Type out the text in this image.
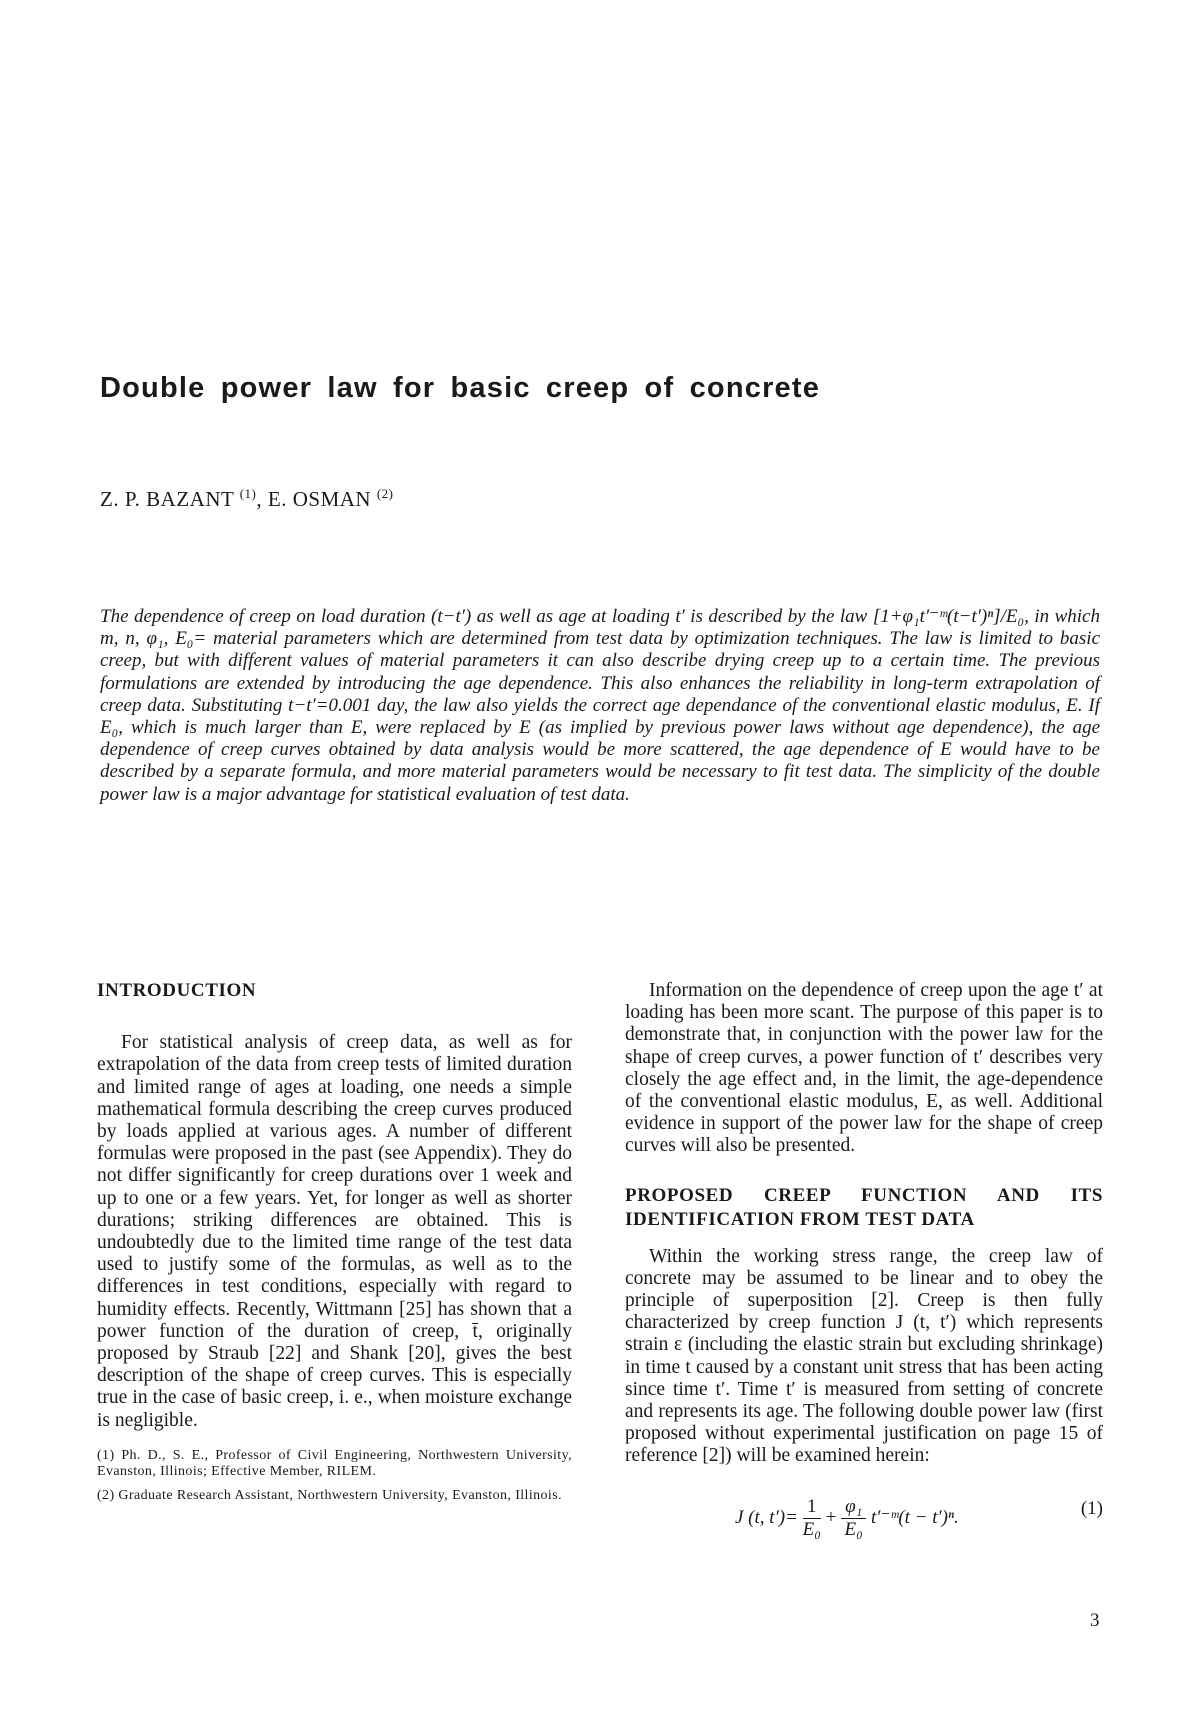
Double power law for basic creep of concrete
Z. P. BAZANT $^{(1)}$, E. OSMAN $^{(2)}$

The dependence of creep on load duration (t−t′) as well as age at loading t′ is described by the law [1+φ₁t′⁻ᵐ(t−t′)ⁿ]/E₀, in which m, n, φ₁, E₀= material parameters which are determined from test data by optimization techniques. The law is limited to basic creep, but with different values of material parameters it can also describe drying creep up to a certain time. The previous formulations are extended by introducing the age dependence. This also enhances the reliability in long-term extrapolation of creep data. Substituting t−t′=0.001 day, the law also yields the correct age dependance of the conventional elastic modulus, E. If E₀, which is much larger than E, were replaced by E (as implied by previous power laws without age dependence), the age dependence of creep curves obtained by data analysis would be more scattered, the age dependence of E would have to be described by a separate formula, and more material parameters would be necessary to fit test data. The simplicity of the double power law is a major advantage for statistical evaluation of test data.

INTRODUCTION

For statistical analysis of creep data, as well as for extrapolation of the data from creep tests of limited duration and limited range of ages at loading, one needs a simple mathematical formula describing the creep curves produced by loads applied at various ages. A number of different formulas were proposed in the past (see Appendix). They do not differ significantly for creep durations over 1 week and up to one or a few years. Yet, for longer as well as shorter durations; striking differences are obtained. This is undoubtedly due to the limited time range of the test data used to justify some of the formulas, as well as to the differences in test conditions, especially with regard to humidity effects. Recently, Wittmann [25] has shown that a power function of the duration of creep, t̄, originally proposed by Straub [22] and Shank [20], gives the best description of the shape of creep curves. This is especially true in the case of basic creep, i. e., when moisture exchange is negligible.

(1) Ph. D., S. E., Professor of Civil Engineering, Northwestern University, Evanston, Illinois; Effective Member, RILEM.

(2) Graduate Research Assistant, Northwestern University, Evanston, Illinois.

Information on the dependence of creep upon the age t′ at loading has been more scant. The purpose of this paper is to demonstrate that, in conjunction with the power law for the shape of creep curves, a power function of t′ describes very closely the age effect and, in the limit, the age-dependence of the conventional elastic modulus, E, as well. Additional evidence in support of the power law for the shape of creep curves will also be presented.

PROPOSED CREEP FUNCTION AND ITS IDENTIFICATION FROM TEST DATA

Within the working stress range, the creep law of concrete may be assumed to be linear and to obey the principle of superposition [2]. Creep is then fully characterized by creep function J (t, t′) which represents strain ε (including the elastic strain but excluding shrinkage) in time t caused by a constant unit stress that has been acting since time t′. Time t′ is measured from setting of concrete and represents its age. The following double power law (first proposed without experimental justification on page 15 of reference [2]) will be examined herein:

J (t, $t')= \frac{1}{\text{E₀}} + \frac{\text{φ₁}}{\text{E₀}}$ t′⁻ᵐ(t − t′)ⁿ.	(1)
3
